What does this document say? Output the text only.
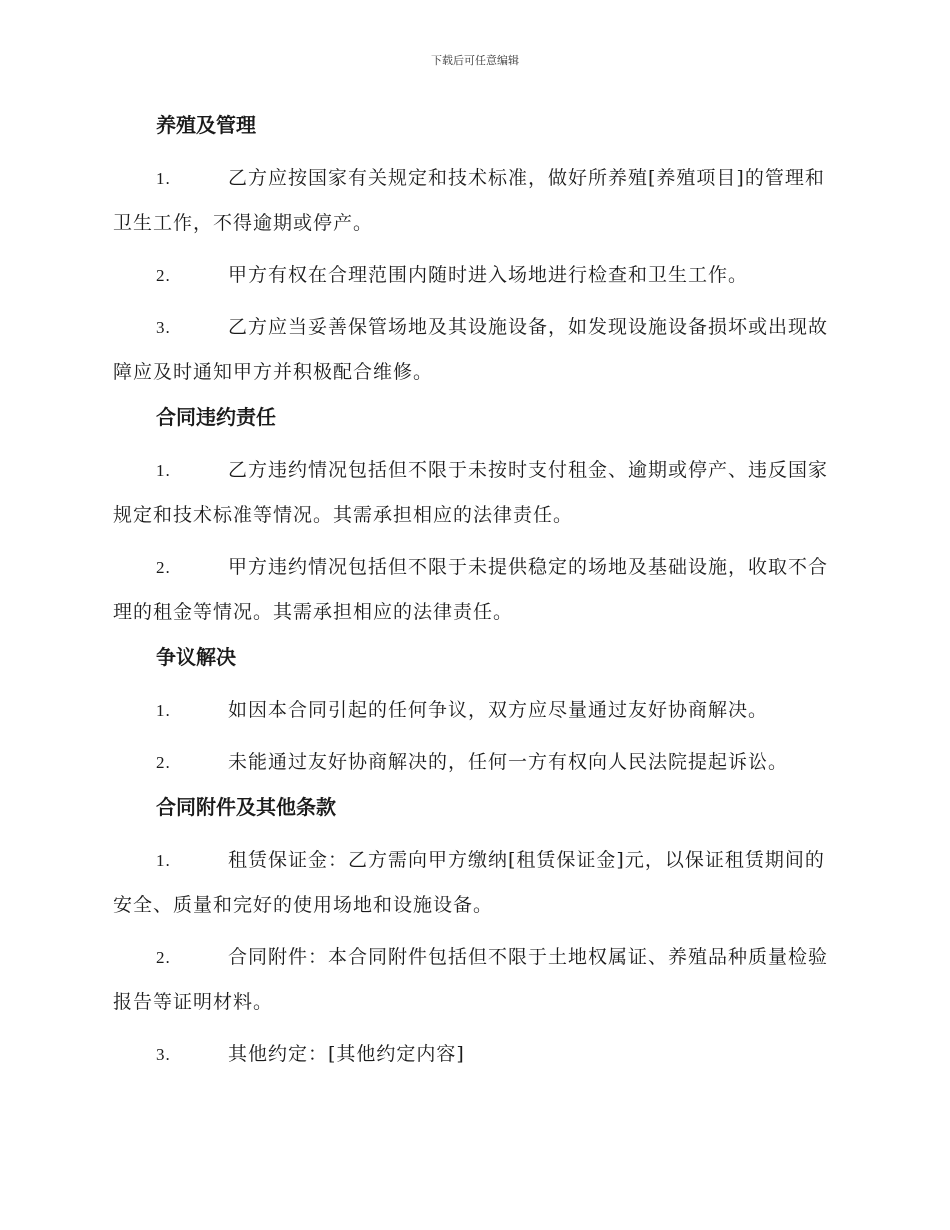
下载后可任意编辑
养殖及管理

1.	乙方应按国家有关规定和技术标准，做好所养殖[养殖项目]的管理和卫生工作，不得逾期或停产。

2.	甲方有权在合理范围内随时进入场地进行检查和卫生工作。

3.	乙方应当妥善保管场地及其设施设备，如发现设施设备损坏或出现故障应及时通知甲方并积极配合维修。

合同违约责任

1.	乙方违约情况包括但不限于未按时支付租金、逾期或停产、违反国家规定和技术标准等情况。其需承担相应的法律责任。

2.	甲方违约情况包括但不限于未提供稳定的场地及基础设施，收取不合理的租金等情况。其需承担相应的法律责任。

争议解决

1.	如因本合同引起的任何争议，双方应尽量通过友好协商解决。

2.	未能通过友好协商解决的，任何一方有权向人民法院提起诉讼。

合同附件及其他条款

1.	租赁保证金：乙方需向甲方缴纳[租赁保证金]元，以保证租赁期间的安全、质量和完好的使用场地和设施设备。

2.	合同附件：本合同附件包括但不限于土地权属证、养殖品种质量检验报告等证明材料。

3.	其他约定：[其他约定内容]
